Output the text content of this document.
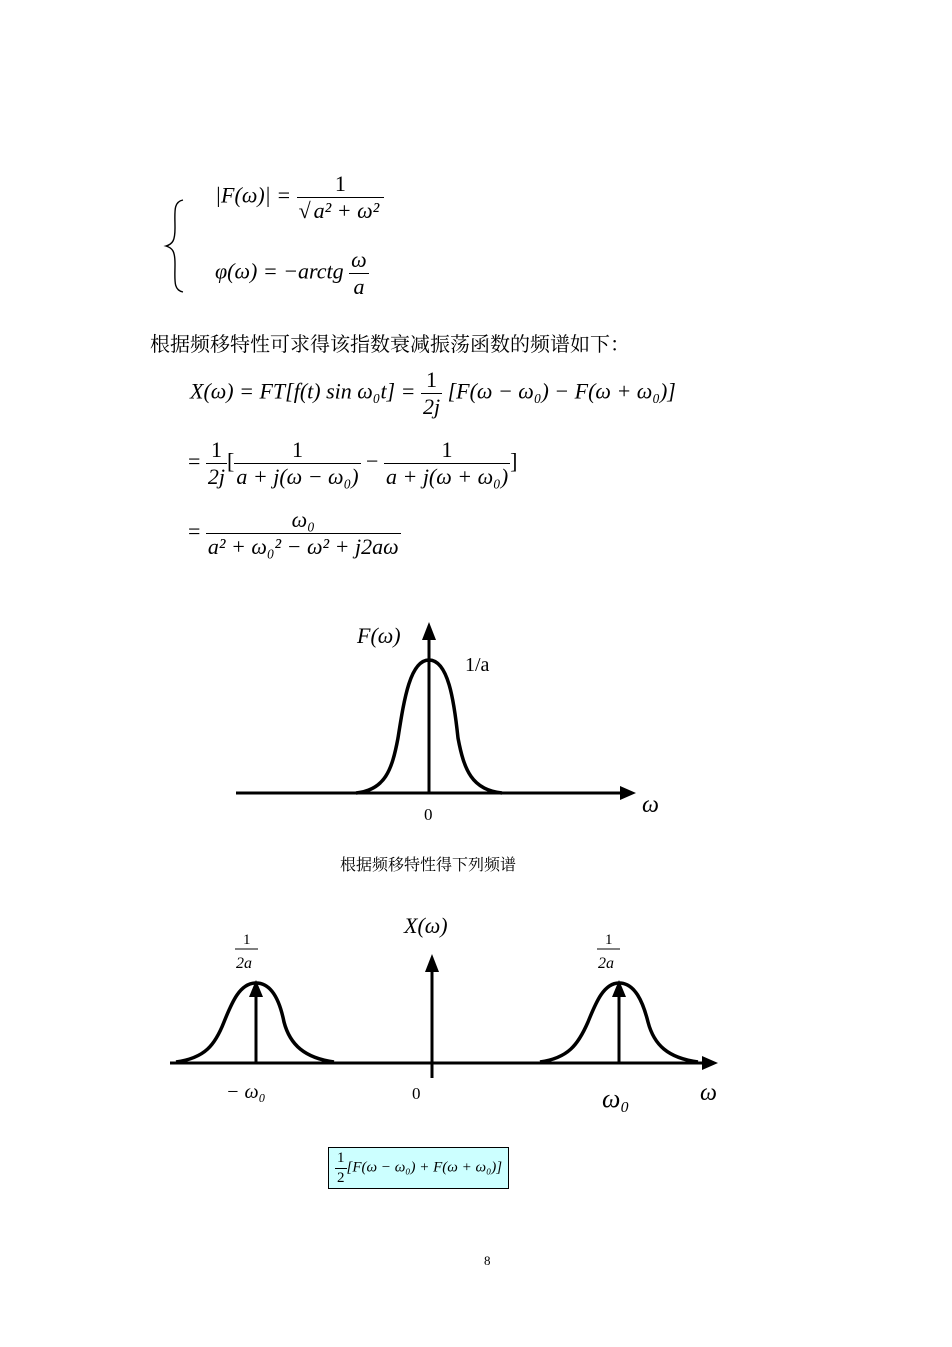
$|F(\omega)| = \frac{1}{\text{√ a² + ω²}}$
φ(ω) = −arctg $\frac{\omega}{a}$
根据频移特性可求得该指数衰减振荡函数的频谱如下：
X(ω) = FT[f(t) $\sin \omega_0t] = \frac{1}{2j} [F(\omega - \omega_0) - F(\omega + \omega_0)]$
= $\frac{1}{2j}$ [ $\frac{1}{\text{a + j(ω − ω₀)}} - \frac{1}{\text{a + j(ω + ω₀)}}$ ]
= $\frac{\text{ω₀}}{\text{a² + ω₀² − ω² + j2aω}}$
F(ω)
1/a
0	ω
根据频移特性得下列频谱
X(ω)
1
2a
1
2a
− ω₀	0	ω₀	ω
$\frac{1}{2} [F(\omega - \omega_0) + F(\omega + \omega_0)]$
8
